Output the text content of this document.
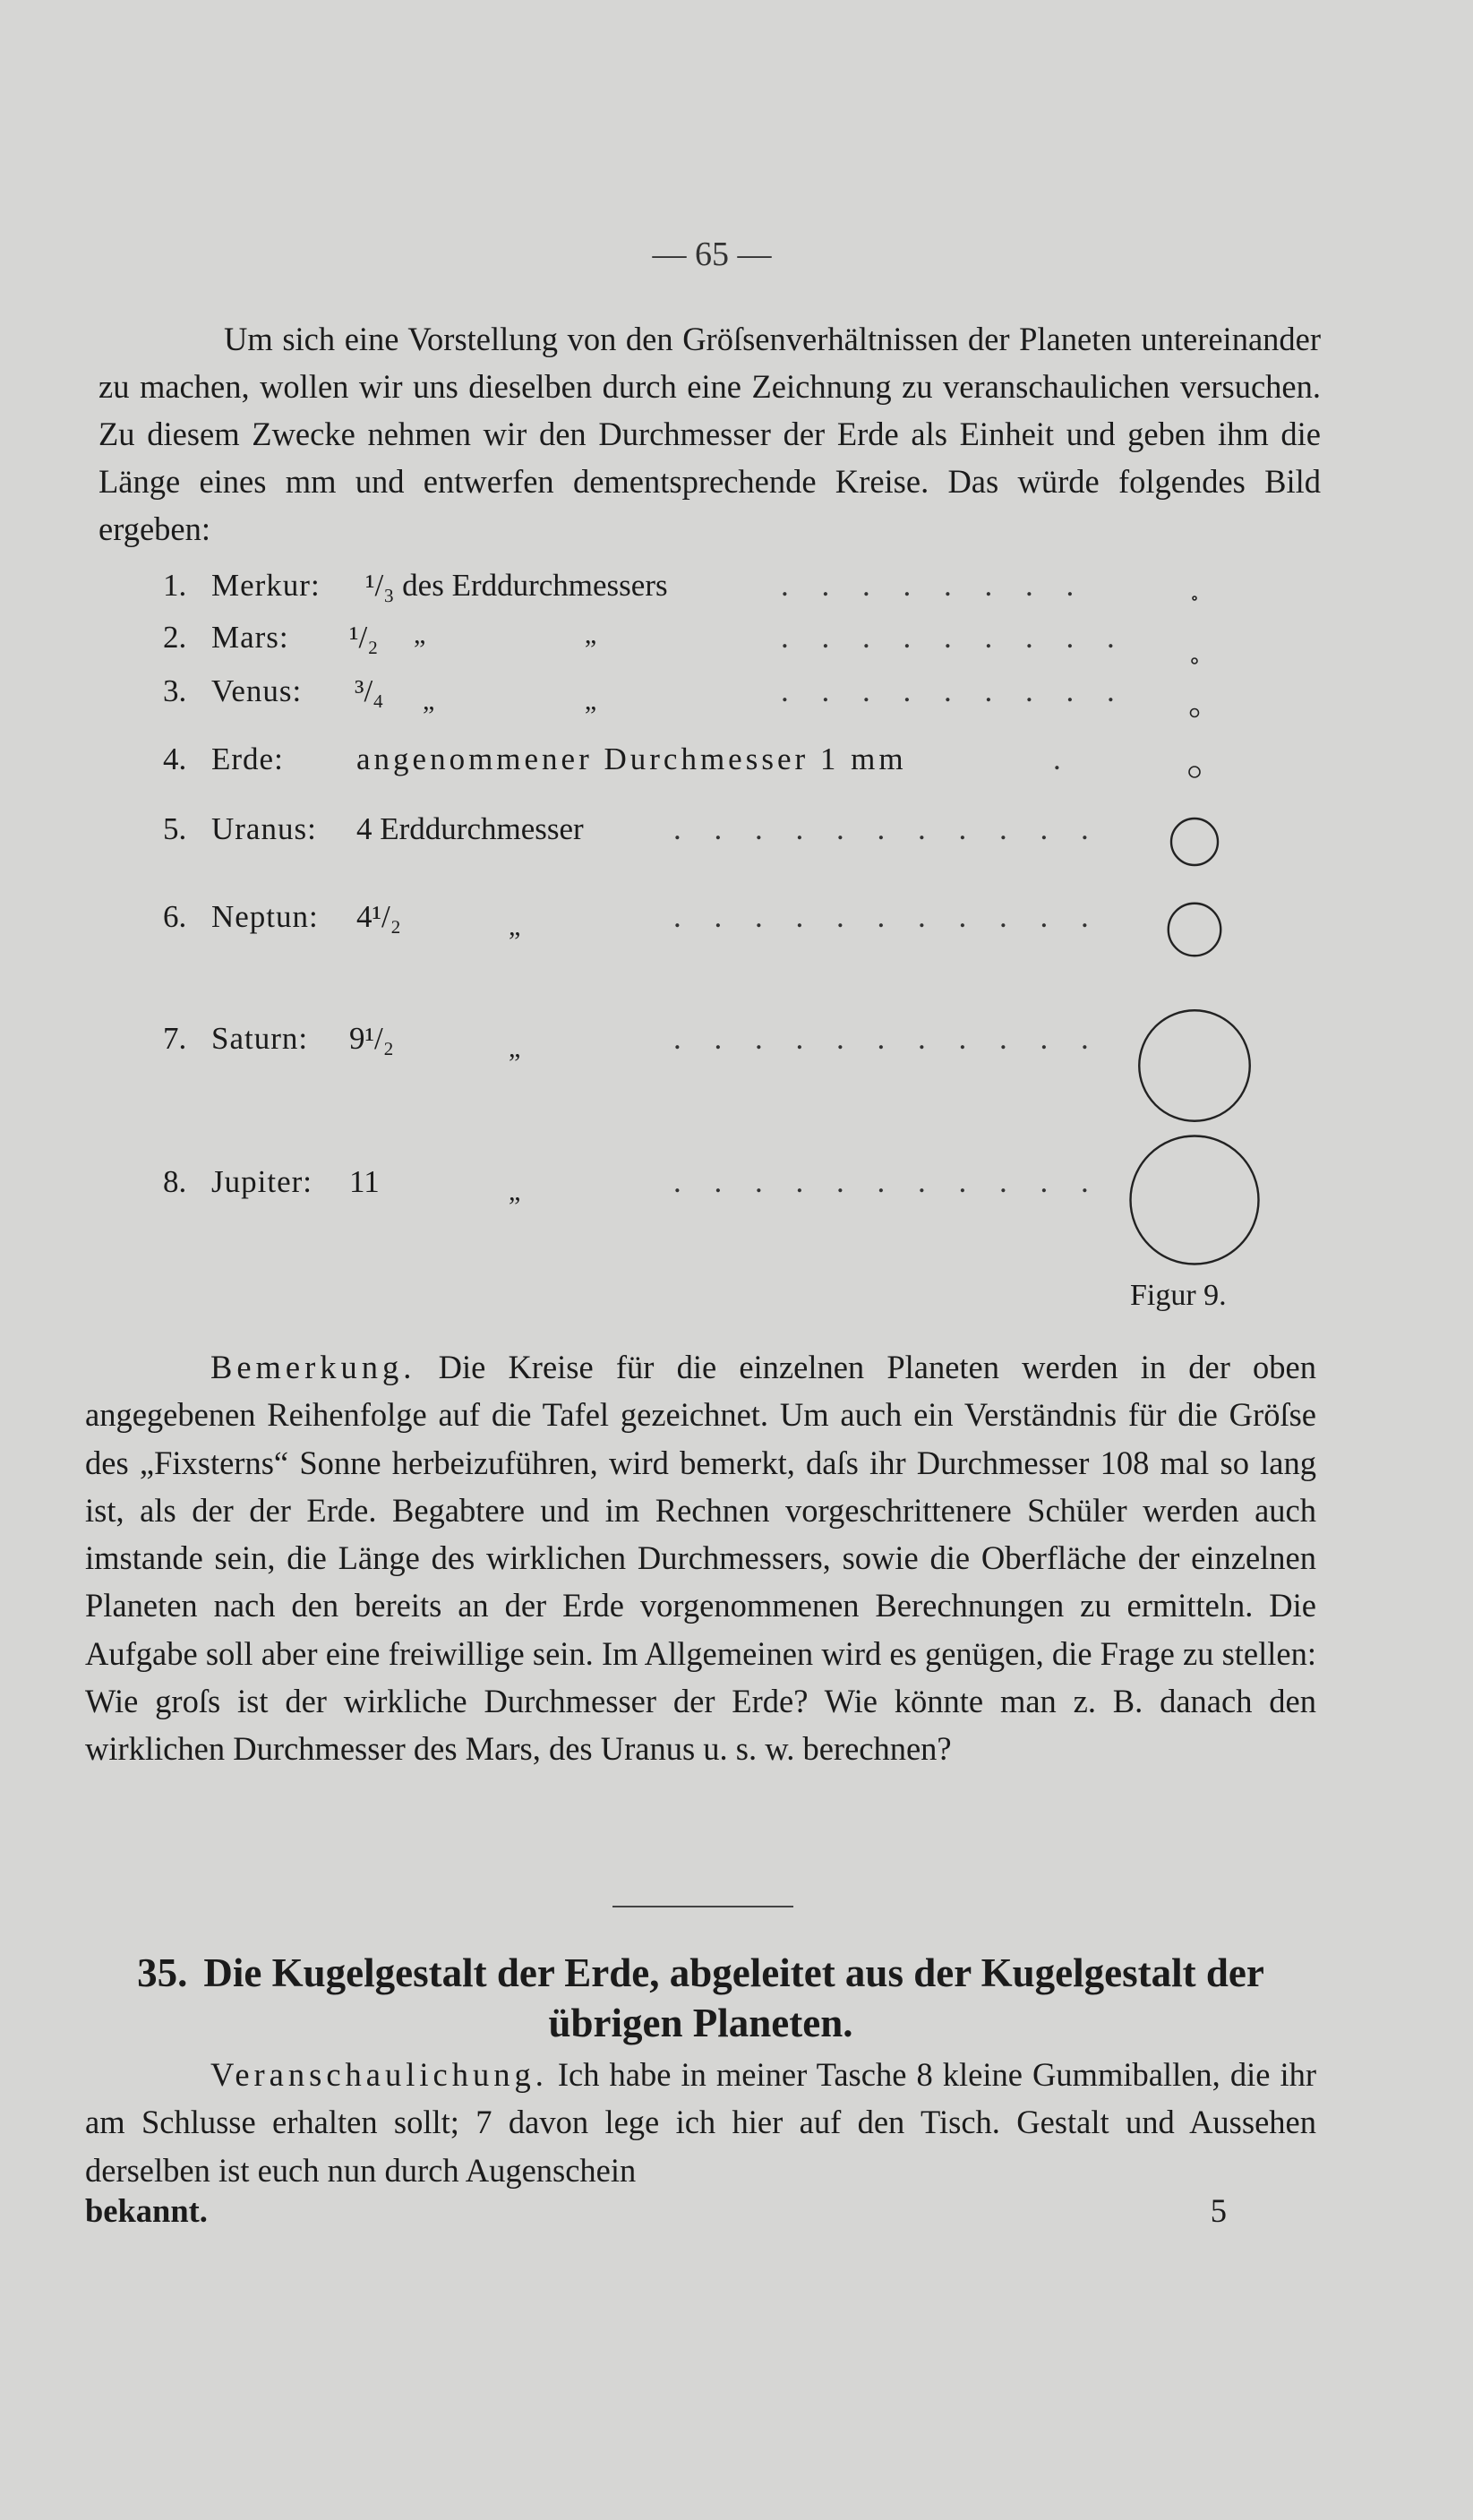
— 65 —

Um sich eine Vorstellung von den Gröſsenverhältnissen der Planeten untereinander zu machen, wollen wir uns dieselben durch eine Zeichnung zu veranschaulichen versuchen. Zu diesem Zwecke nehmen wir den Durchmesser der Erde als Einheit und geben ihm die Länge eines mm und entwerfen dementsprechende Kreise. Das würde folgendes Bild ergeben:

1. Merkur: ¹/₃ des Erddurchmessers	. . . . . . . .
2. Mars: ¹/₂ „ „	. . . . . . . . .
3. Venus: ³/₄ „ „	. . . . . . . . .
4. Erde: angenommener Durchmesser 1 mm	.
5. Uranus: 4 Erddurchmesser	. . . . . . . . . . .
6. Neptun: 4¹/₂	„	. . . . . . . . . . .
7. Saturn: 9¹/₂	„	. . . . . . . . . . .
8. Jupiter: 11	„	. . . . . . . . . . .
Figur 9.

Bemerkung. Die Kreise für die einzelnen Planeten werden in der oben angegebenen Reihenfolge auf die Tafel gezeichnet. Um auch ein Verständnis für die Gröſse des „Fixsterns“ Sonne herbeizuführen, wird bemerkt, daſs ihr Durchmesser 108 mal so lang ist, als der der Erde. Begabtere und im Rechnen vorgeschrittenere Schüler werden auch imstande sein, die Länge des wirklichen Durchmessers, sowie die Oberfläche der einzelnen Planeten nach den bereits an der Erde vorgenommenen Berechnungen zu ermitteln. Die Aufgabe soll aber eine freiwillige sein. Im Allgemeinen wird es genügen, die Frage zu stellen: Wie groſs ist der wirkliche Durchmesser der Erde? Wie könnte man z. B. danach den wirklichen Durchmesser des Mars, des Uranus u. s. w. berechnen?

35. Die Kugelgestalt der Erde, abgeleitet aus der Kugelgestalt der übrigen Planeten.

Veranschaulichung. Ich habe in meiner Tasche 8 kleine Gummiballen, die ihr am Schlusse erhalten sollt; 7 davon lege ich hier auf den Tisch. Gestalt und Aussehen derselben ist euch nun durch Augenschein

bekannt.	5
